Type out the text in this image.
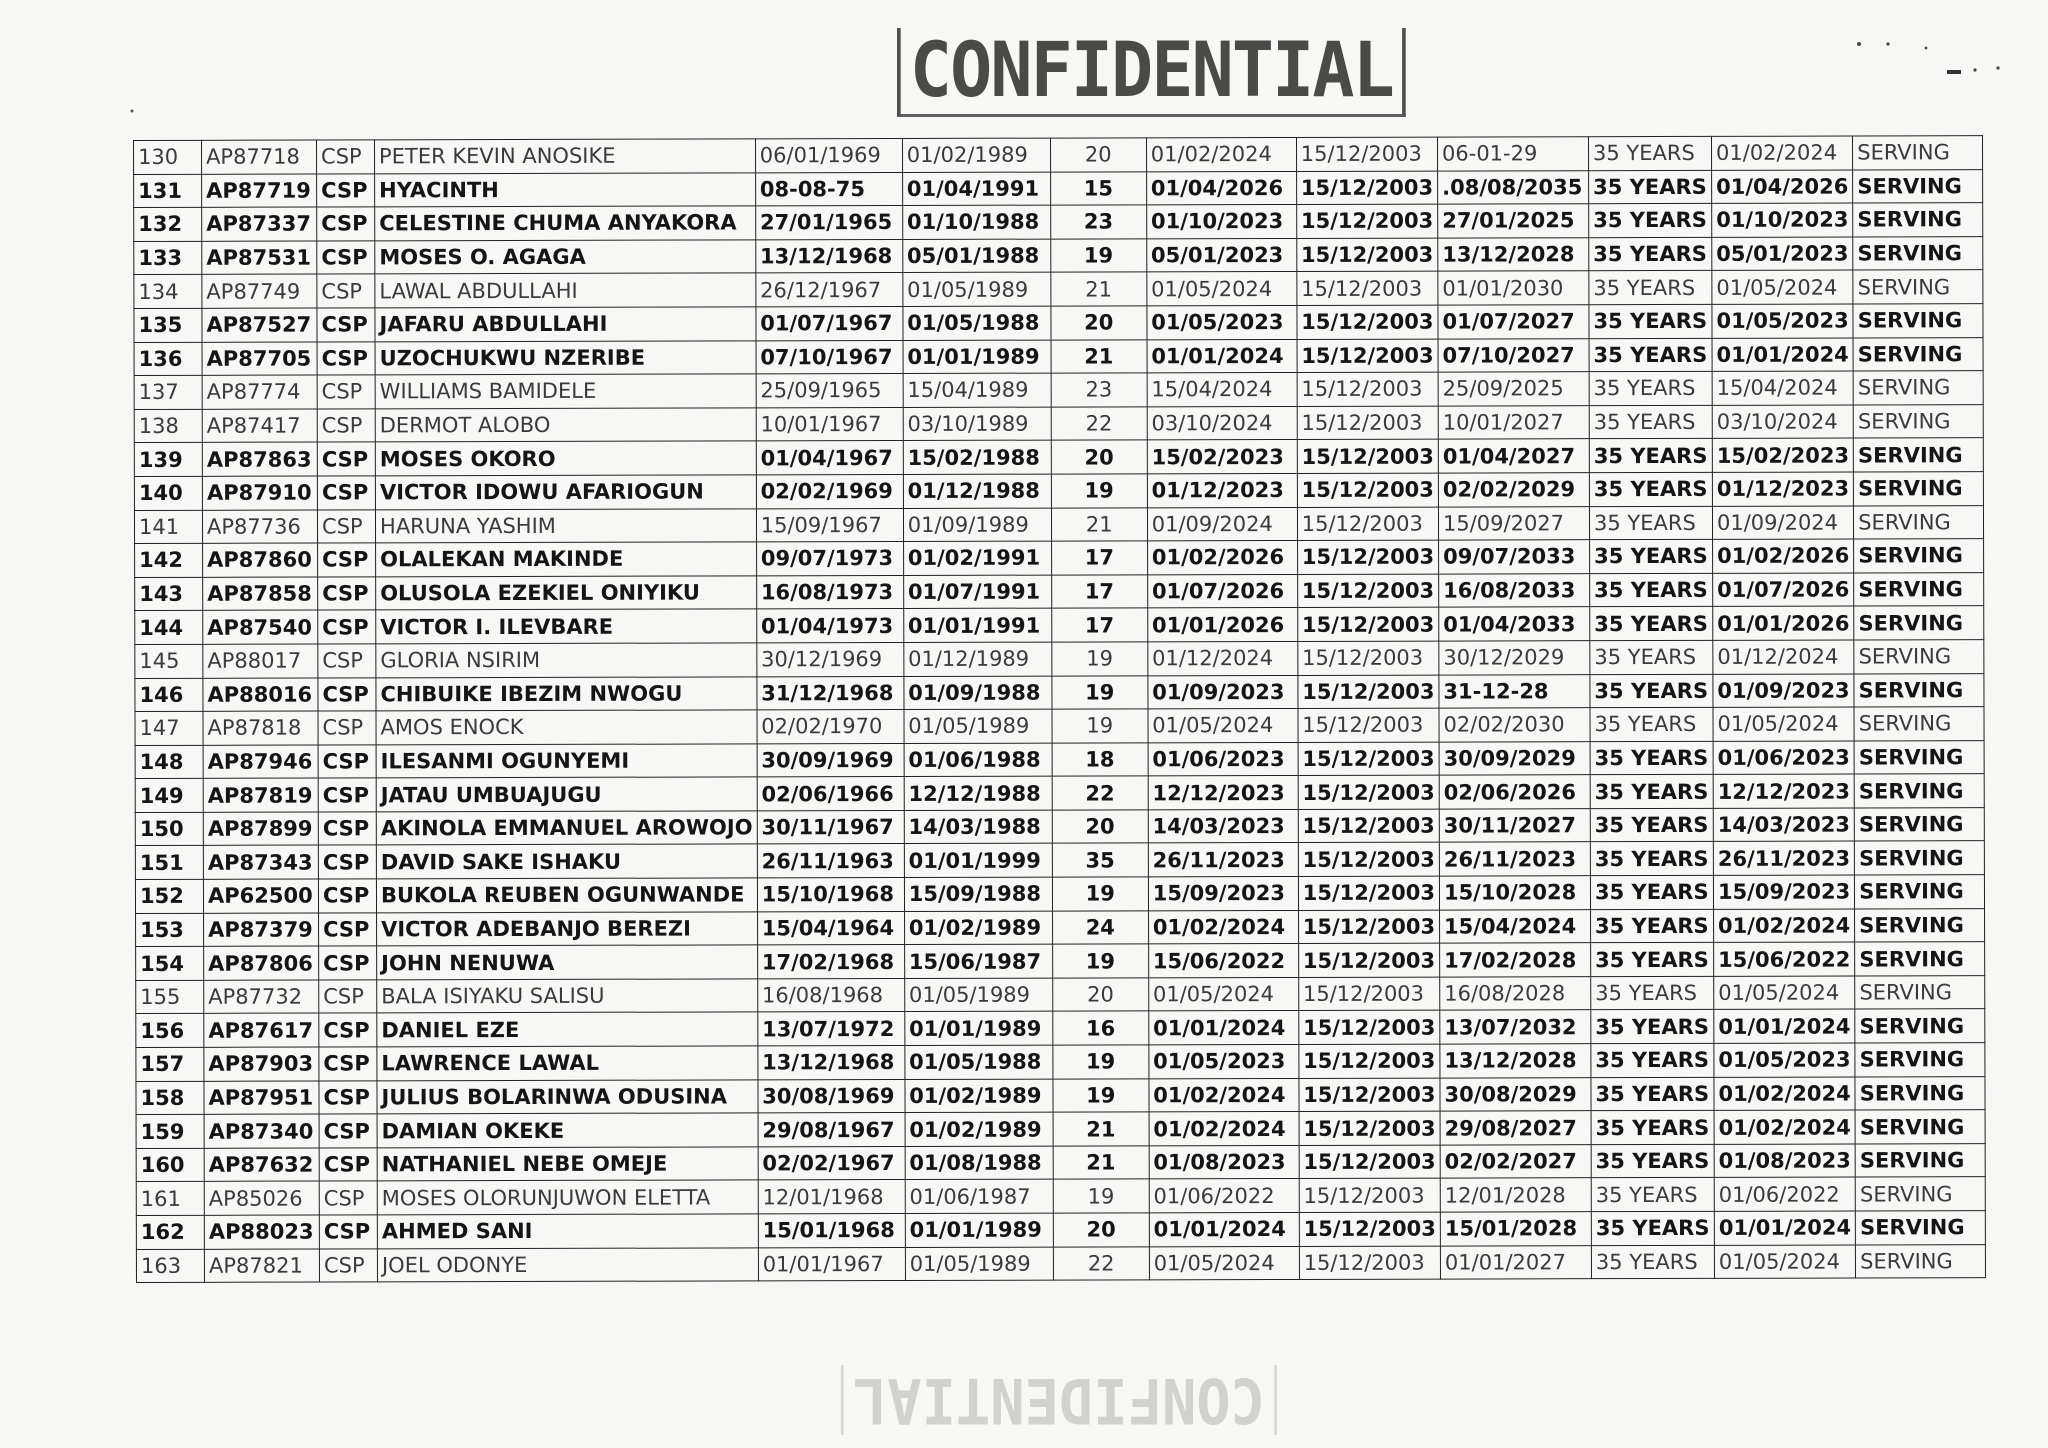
CONFIDENTIAL
130	AP87718	CSP	PETER KEVIN ANOSIKE	06/01/1969	01/02/1989	20	01/02/2024	15/12/2003	06-01-29	35 YEARS	01/02/2024	SERVING
131	AP87719	CSP	HYACINTH	08-08-75	01/04/1991	15	01/04/2026	15/12/2003	.08/08/2035	35 YEARS	01/04/2026	SERVING
132	AP87337	CSP	CELESTINE CHUMA ANYAKORA	27/01/1965	01/10/1988	23	01/10/2023	15/12/2003	27/01/2025	35 YEARS	01/10/2023	SERVING
133	AP87531	CSP	MOSES O. AGAGA	13/12/1968	05/01/1988	19	05/01/2023	15/12/2003	13/12/2028	35 YEARS	05/01/2023	SERVING
134	AP87749	CSP	LAWAL ABDULLAHI	26/12/1967	01/05/1989	21	01/05/2024	15/12/2003	01/01/2030	35 YEARS	01/05/2024	SERVING
135	AP87527	CSP	JAFARU ABDULLAHI	01/07/1967	01/05/1988	20	01/05/2023	15/12/2003	01/07/2027	35 YEARS	01/05/2023	SERVING
136	AP87705	CSP	UZOCHUKWU NZERIBE	07/10/1967	01/01/1989	21	01/01/2024	15/12/2003	07/10/2027	35 YEARS	01/01/2024	SERVING
137	AP87774	CSP	WILLIAMS BAMIDELE	25/09/1965	15/04/1989	23	15/04/2024	15/12/2003	25/09/2025	35 YEARS	15/04/2024	SERVING
138	AP87417	CSP	DERMOT ALOBO	10/01/1967	03/10/1989	22	03/10/2024	15/12/2003	10/01/2027	35 YEARS	03/10/2024	SERVING
139	AP87863	CSP	MOSES OKORO	01/04/1967	15/02/1988	20	15/02/2023	15/12/2003	01/04/2027	35 YEARS	15/02/2023	SERVING
140	AP87910	CSP	VICTOR IDOWU AFARIOGUN	02/02/1969	01/12/1988	19	01/12/2023	15/12/2003	02/02/2029	35 YEARS	01/12/2023	SERVING
141	AP87736	CSP	HARUNA YASHIM	15/09/1967	01/09/1989	21	01/09/2024	15/12/2003	15/09/2027	35 YEARS	01/09/2024	SERVING
142	AP87860	CSP	OLALEKAN MAKINDE	09/07/1973	01/02/1991	17	01/02/2026	15/12/2003	09/07/2033	35 YEARS	01/02/2026	SERVING
143	AP87858	CSP	OLUSOLA EZEKIEL ONIYIKU	16/08/1973	01/07/1991	17	01/07/2026	15/12/2003	16/08/2033	35 YEARS	01/07/2026	SERVING
144	AP87540	CSP	VICTOR I. ILEVBARE	01/04/1973	01/01/1991	17	01/01/2026	15/12/2003	01/04/2033	35 YEARS	01/01/2026	SERVING
145	AP88017	CSP	GLORIA NSIRIM	30/12/1969	01/12/1989	19	01/12/2024	15/12/2003	30/12/2029	35 YEARS	01/12/2024	SERVING
146	AP88016	CSP	CHIBUIKE IBEZIM NWOGU	31/12/1968	01/09/1988	19	01/09/2023	15/12/2003	31-12-28	35 YEARS	01/09/2023	SERVING
147	AP87818	CSP	AMOS ENOCK	02/02/1970	01/05/1989	19	01/05/2024	15/12/2003	02/02/2030	35 YEARS	01/05/2024	SERVING
148	AP87946	CSP	ILESANMI OGUNYEMI	30/09/1969	01/06/1988	18	01/06/2023	15/12/2003	30/09/2029	35 YEARS	01/06/2023	SERVING
149	AP87819	CSP	JATAU UMBUAJUGU	02/06/1966	12/12/1988	22	12/12/2023	15/12/2003	02/06/2026	35 YEARS	12/12/2023	SERVING
150	AP87899	CSP	AKINOLA EMMANUEL AROWOJO	30/11/1967	14/03/1988	20	14/03/2023	15/12/2003	30/11/2027	35 YEARS	14/03/2023	SERVING
151	AP87343	CSP	DAVID SAKE ISHAKU	26/11/1963	01/01/1999	35	26/11/2023	15/12/2003	26/11/2023	35 YEARS	26/11/2023	SERVING
152	AP62500	CSP	BUKOLA REUBEN OGUNWANDE	15/10/1968	15/09/1988	19	15/09/2023	15/12/2003	15/10/2028	35 YEARS	15/09/2023	SERVING
153	AP87379	CSP	VICTOR ADEBANJO BEREZI	15/04/1964	01/02/1989	24	01/02/2024	15/12/2003	15/04/2024	35 YEARS	01/02/2024	SERVING
154	AP87806	CSP	JOHN NENUWA	17/02/1968	15/06/1987	19	15/06/2022	15/12/2003	17/02/2028	35 YEARS	15/06/2022	SERVING
155	AP87732	CSP	BALA ISIYAKU SALISU	16/08/1968	01/05/1989	20	01/05/2024	15/12/2003	16/08/2028	35 YEARS	01/05/2024	SERVING
156	AP87617	CSP	DANIEL EZE	13/07/1972	01/01/1989	16	01/01/2024	15/12/2003	13/07/2032	35 YEARS	01/01/2024	SERVING
157	AP87903	CSP	LAWRENCE LAWAL	13/12/1968	01/05/1988	19	01/05/2023	15/12/2003	13/12/2028	35 YEARS	01/05/2023	SERVING
158	AP87951	CSP	JULIUS BOLARINWA ODUSINA	30/08/1969	01/02/1989	19	01/02/2024	15/12/2003	30/08/2029	35 YEARS	01/02/2024	SERVING
159	AP87340	CSP	DAMIAN OKEKE	29/08/1967	01/02/1989	21	01/02/2024	15/12/2003	29/08/2027	35 YEARS	01/02/2024	SERVING
160	AP87632	CSP	NATHANIEL NEBE OMEJE	02/02/1967	01/08/1988	21	01/08/2023	15/12/2003	02/02/2027	35 YEARS	01/08/2023	SERVING
161	AP85026	CSP	MOSES OLORUNJUWON ELETTA	12/01/1968	01/06/1987	19	01/06/2022	15/12/2003	12/01/2028	35 YEARS	01/06/2022	SERVING
162	AP88023	CSP	AHMED SANI	15/01/1968	01/01/1989	20	01/01/2024	15/12/2003	15/01/2028	35 YEARS	01/01/2024	SERVING
163	AP87821	CSP	JOEL ODONYE	01/01/1967	01/05/1989	22	01/05/2024	15/12/2003	01/01/2027	35 YEARS	01/05/2024	SERVING
CONFIDENTIAL
